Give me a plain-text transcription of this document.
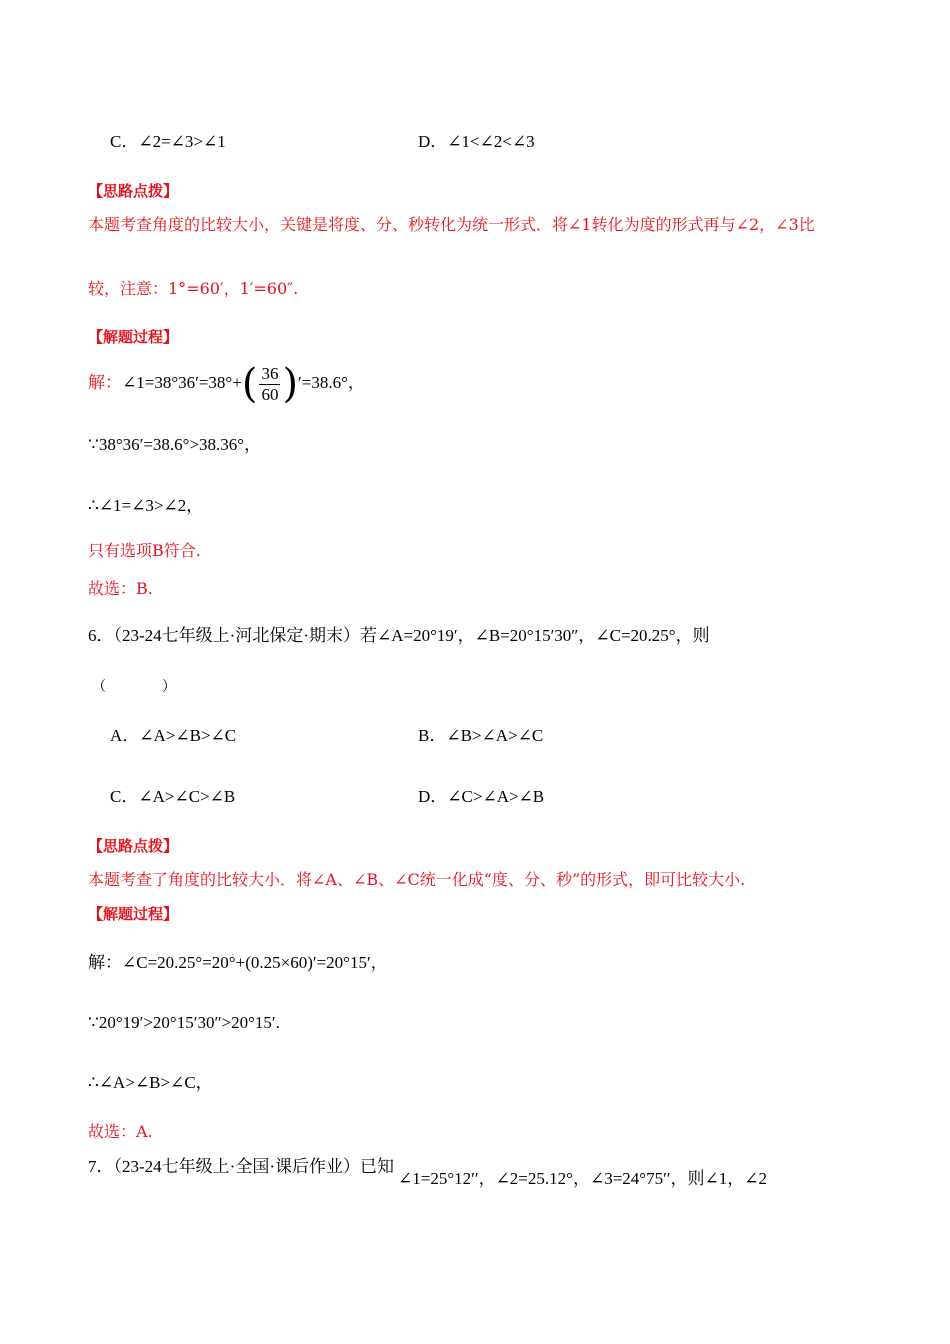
C．∠2=∠3>∠1	D．∠1<∠2<∠3
【思路点拨】
本题考查角度的比较大小，关键是将度、分、秒转化为统一形式．将∠1转化为度的形式再与∠2，∠3比
较，注意：1°=60′，1′=60″.
【解题过程】
解：∠1=38°36′=38°+( $\frac{36}{60} )'=38.6^\circ$，
∵38°36′=38.6°>38.36°，
∴∠1=∠3>∠2，
只有选项B符合.
故选：B.
6．（23-24七年级上·河北保定·期末）若∠A=20°19′，∠B=20°15′30″，∠C=20.25°，则
（　　　　）
A．∠A>∠B>∠C	B．∠B>∠A>∠C
C．∠A>∠C>∠B	D．∠C>∠A>∠B
【思路点拨】
本题考查了角度的比较大小．将∠A、∠B、∠C统一化成“度、分、秒”的形式，即可比较大小.
【解题过程】
解：∠C=20.25°=20°+(0.25×60)′=20°15′，
∵20°19′>20°15′30″>20°15′.
∴∠A>∠B>∠C，
故选：A.
7．（23-24七年级上·全国·课后作业）已知
∠1=25°12′′，∠2=25.12°，∠3=24°75′′，则∠1，∠2
